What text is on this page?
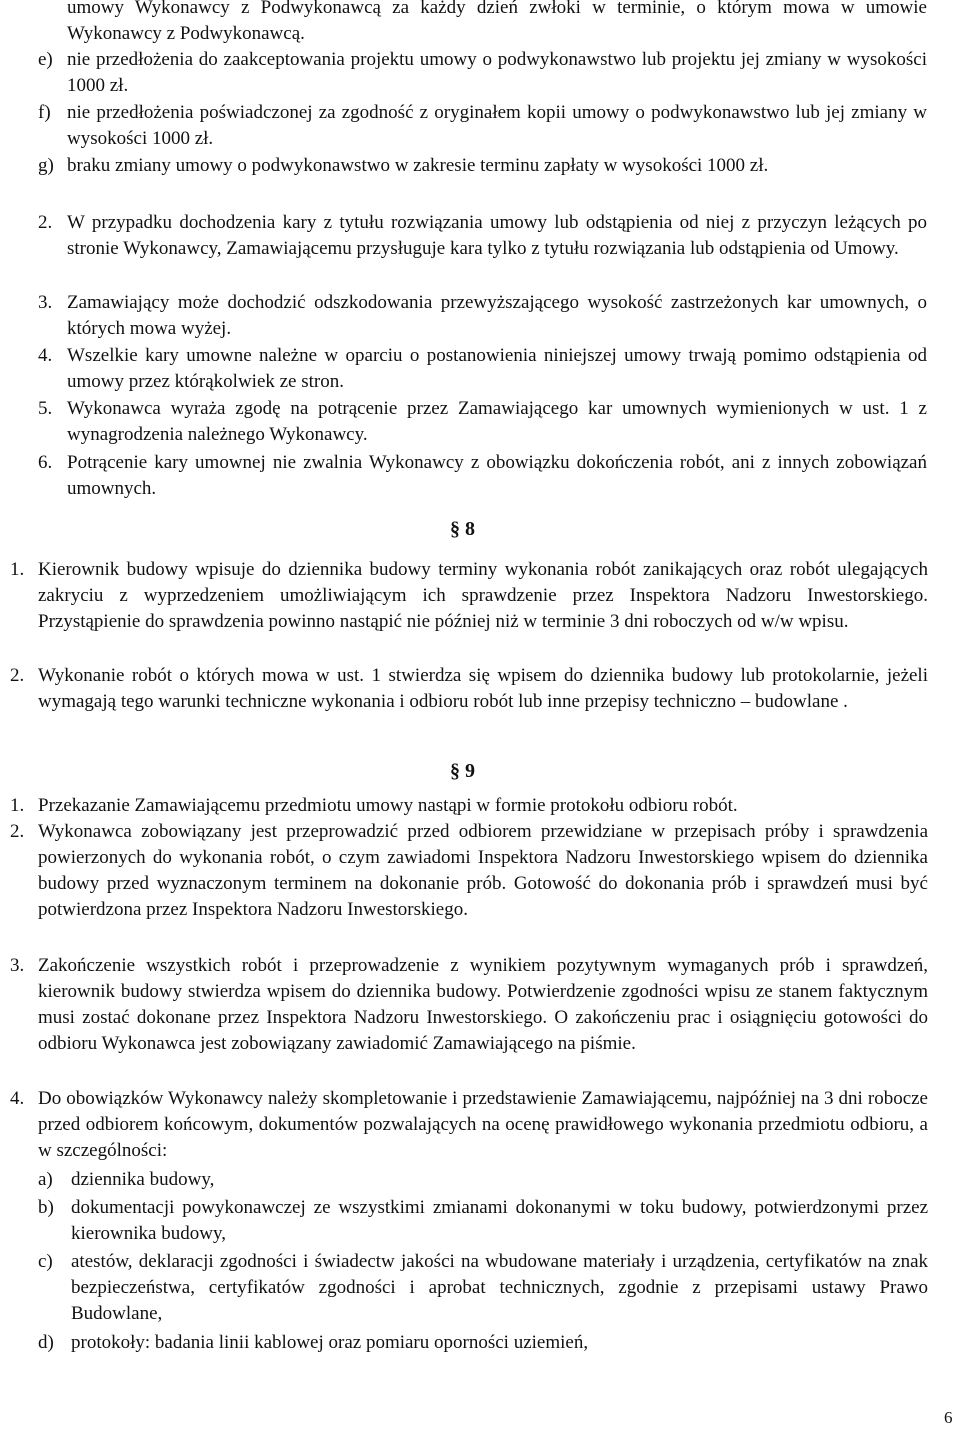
umowy Wykonawcy z Podwykonawcą za każdy dzień zwłoki w terminie, o którym mowa w umowie Wykonawcy z Podwykonawcą.
e) nie przedłożenia do zaakceptowania projektu umowy o podwykonawstwo lub projektu jej zmiany w wysokości 1000 zł.
f) nie przedłożenia poświadczonej za zgodność z oryginałem kopii umowy o podwykonawstwo lub jej zmiany w wysokości 1000 zł.
g) braku zmiany umowy o podwykonawstwo w zakresie terminu zapłaty w wysokości 1000 zł.
2. W przypadku dochodzenia kary z tytułu rozwiązania umowy lub odstąpienia od niej z przyczyn leżących po stronie Wykonawcy, Zamawiającemu przysługuje kara tylko z tytułu rozwiązania lub odstąpienia od Umowy.
3. Zamawiający może dochodzić odszkodowania przewyższającego wysokość zastrzeżonych kar umownych, o których mowa wyżej.
4. Wszelkie kary umowne należne w oparciu o postanowienia niniejszej umowy trwają pomimo odstąpienia od umowy przez którąkolwiek ze stron.
5. Wykonawca wyraża zgodę na potrącenie przez Zamawiającego kar umownych wymienionych w ust. 1 z wynagrodzenia należnego Wykonawcy.
6. Potrącenie kary umownej nie zwalnia Wykonawcy z obowiązku dokończenia robót, ani z innych zobowiązań umownych.
§ 8
1. Kierownik budowy wpisuje do dziennika budowy terminy wykonania robót zanikających oraz robót ulegających zakryciu z wyprzedzeniem umożliwiającym ich sprawdzenie przez Inspektora Nadzoru Inwestorskiego. Przystąpienie do sprawdzenia powinno nastąpić nie później niż w terminie 3 dni roboczych od w/w wpisu.
2. Wykonanie robót o których mowa w ust. 1 stwierdza się wpisem do dziennika budowy lub protokolarnie, jeżeli wymagają tego warunki techniczne wykonania i odbioru robót lub inne przepisy techniczno – budowlane .
§ 9
1. Przekazanie Zamawiającemu przedmiotu umowy nastąpi w formie protokołu odbioru robót.
2. Wykonawca zobowiązany jest przeprowadzić przed odbiorem przewidziane w przepisach próby i sprawdzenia powierzonych do wykonania robót, o czym zawiadomi Inspektora Nadzoru Inwestorskiego wpisem do dziennika budowy przed wyznaczonym terminem na dokonanie prób. Gotowość do dokonania prób i sprawdzeń musi być potwierdzona przez Inspektora Nadzoru Inwestorskiego.
3. Zakończenie wszystkich robót i przeprowadzenie z wynikiem pozytywnym wymaganych prób i sprawdzeń, kierownik budowy stwierdza wpisem do dziennika budowy. Potwierdzenie zgodności wpisu ze stanem faktycznym musi zostać dokonane przez Inspektora Nadzoru Inwestorskiego. O zakończeniu prac i osiągnięciu gotowości do odbioru Wykonawca jest zobowiązany zawiadomić Zamawiającego na piśmie.
4. Do obowiązków Wykonawcy należy skompletowanie i przedstawienie Zamawiającemu, najpóźniej na 3 dni robocze przed odbiorem końcowym, dokumentów pozwalających na ocenę prawidłowego wykonania przedmiotu odbioru, a w szczególności:
a) dziennika budowy,
b) dokumentacji powykonawczej ze wszystkimi zmianami dokonanymi w toku budowy, potwierdzonymi przez kierownika budowy,
c) atestów, deklaracji zgodności i świadectw jakości na wbudowane materiały i urządzenia, certyfikatów na znak bezpieczeństwa, certyfikatów zgodności i aprobat technicznych, zgodnie z przepisami ustawy Prawo Budowlane,
d) protokoły: badania linii kablowej oraz pomiaru oporności uziemień,
6
